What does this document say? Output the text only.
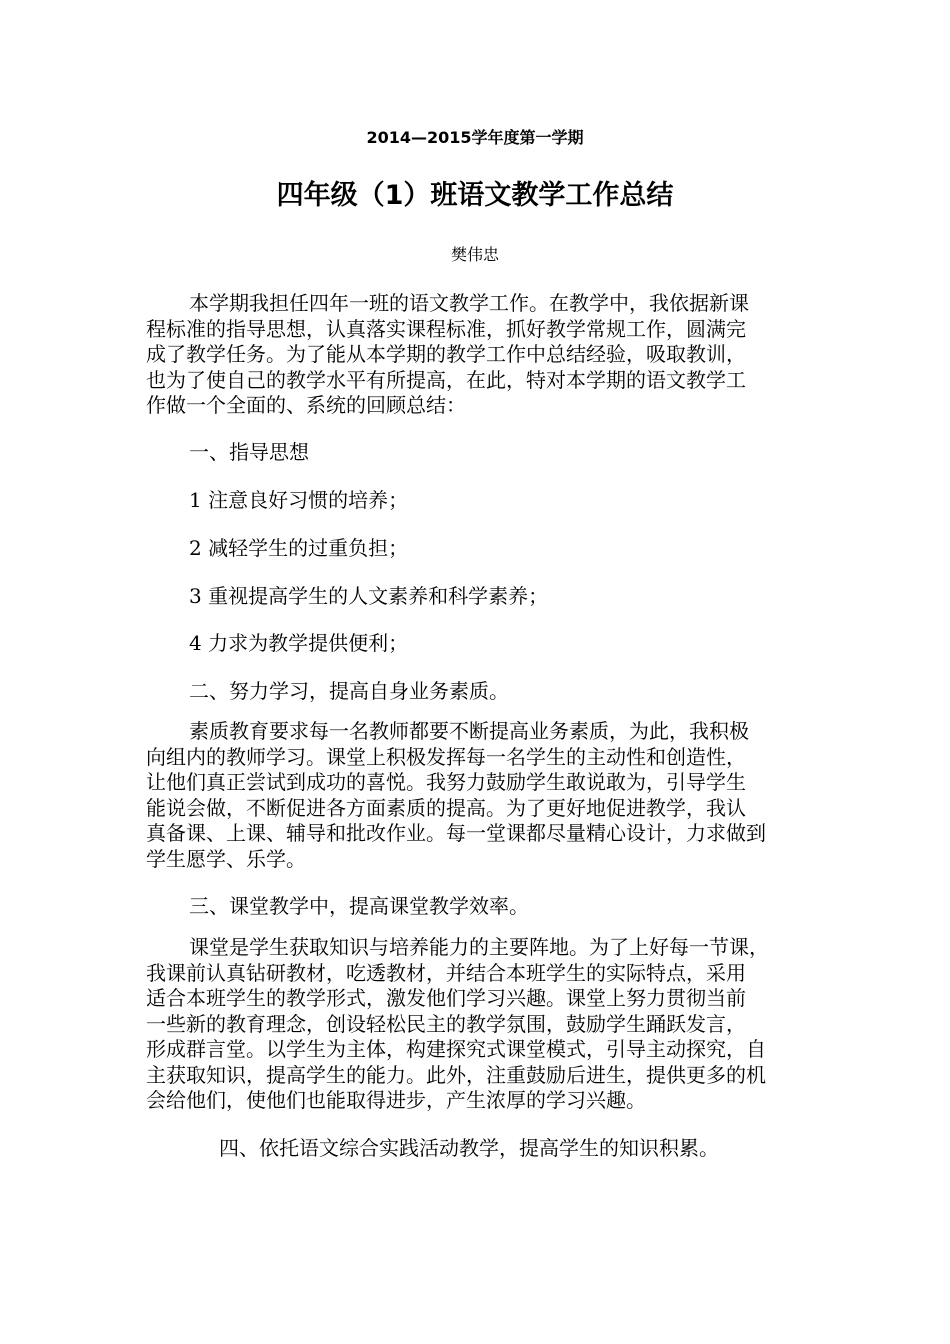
2014—2015学年度第一学期
四年级（1）班语文教学工作总结
樊伟忠
本学期我担任四年一班的语文教学工作。在教学中，我依据新课
程标准的指导思想，认真落实课程标准，抓好教学常规工作，圆满完
成了教学任务。为了能从本学期的教学工作中总结经验，吸取教训，
也为了使自己的教学水平有所提高，在此，特对本学期的语文教学工
作做一个全面的、系统的回顾总结：
一、指导思想
1 注意良好习惯的培养；
2 减轻学生的过重负担；
3 重视提高学生的人文素养和科学素养；
4 力求为教学提供便利；
二、努力学习，提高自身业务素质。
素质教育要求每一名教师都要不断提高业务素质，为此，我积极
向组内的教师学习。课堂上积极发挥每一名学生的主动性和创造性，
让他们真正尝试到成功的喜悦。我努力鼓励学生敢说敢为，引导学生
能说会做，不断促进各方面素质的提高。为了更好地促进教学，我认
真备课、上课、辅导和批改作业。每一堂课都尽量精心设计，力求做到
学生愿学、乐学。
三、课堂教学中，提高课堂教学效率。
课堂是学生获取知识与培养能力的主要阵地。为了上好每一节课，
我课前认真钻研教材，吃透教材，并结合本班学生的实际特点，采用
适合本班学生的教学形式，激发他们学习兴趣。课堂上努力贯彻当前
一些新的教育理念，创设轻松民主的教学氛围，鼓励学生踊跃发言，
形成群言堂。以学生为主体，构建探究式课堂模式，引导主动探究，自
主获取知识，提高学生的能力。此外，注重鼓励后进生，提供更多的机
会给他们，使他们也能取得进步，产生浓厚的学习兴趣。
四、依托语文综合实践活动教学，提高学生的知识积累。
